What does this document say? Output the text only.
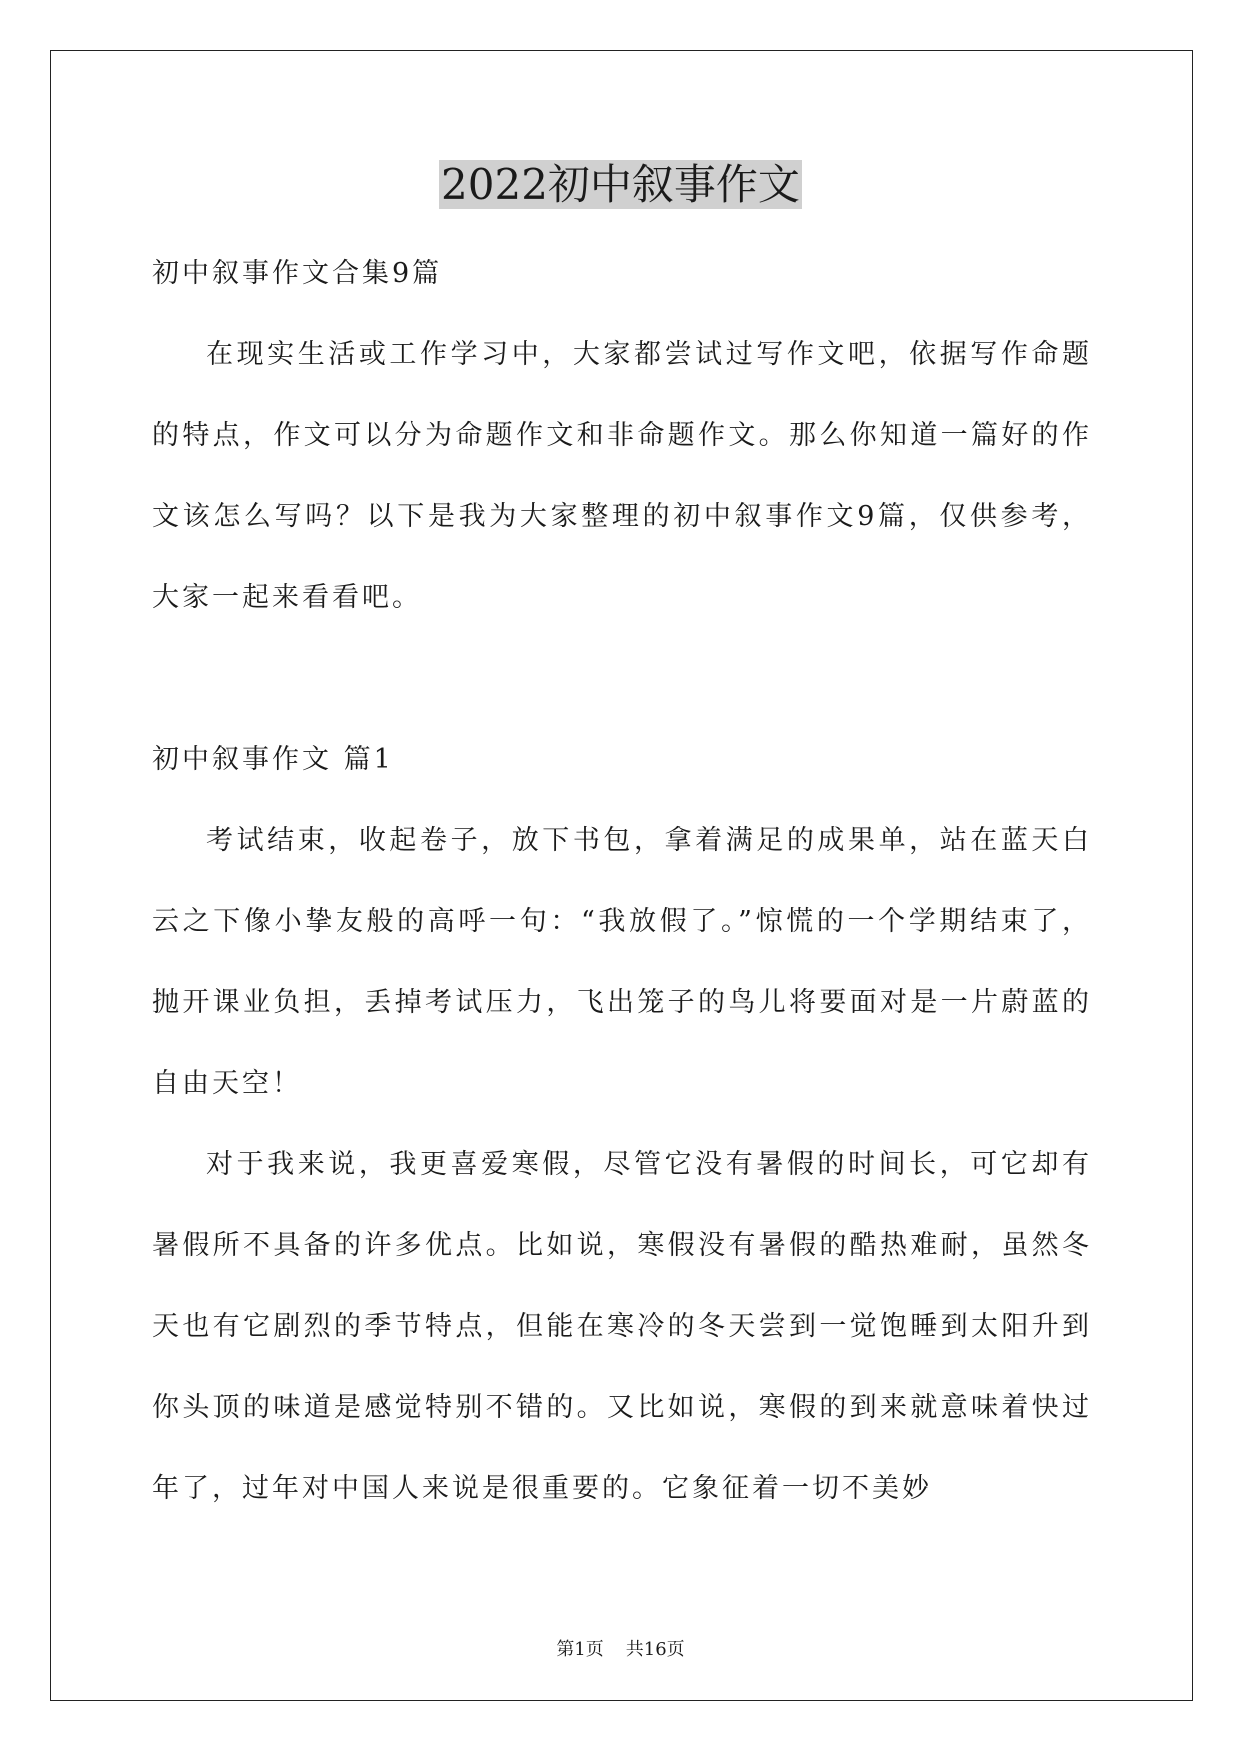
2022初中叙事作文

初中叙事作文合集9篇

在现实生活或工作学习中，大家都尝试过写作文吧，依据写作命题的特点，作文可以分为命题作文和非命题作文。那么你知道一篇好的作文该怎么写吗？以下是我为大家整理的初中叙事作文9篇，仅供参考，大家一起来看看吧。

初中叙事作文 篇1

考试结束，收起卷子，放下书包，拿着满足的成果单，站在蓝天白云之下像小挚友般的高呼一句：“我放假了。”惊慌的一个学期结束了，抛开课业负担，丢掉考试压力，飞出笼子的鸟儿将要面对是一片蔚蓝的自由天空！

对于我来说，我更喜爱寒假，尽管它没有暑假的时间长，可它却有暑假所不具备的许多优点。比如说，寒假没有暑假的酷热难耐，虽然冬天也有它剧烈的季节特点，但能在寒冷的冬天尝到一觉饱睡到太阳升到你头顶的味道是感觉特别不错的。又比如说，寒假的到来就意味着快过年了，过年对中国人来说是很重要的。它象征着一切不美妙

第1页 共16页
